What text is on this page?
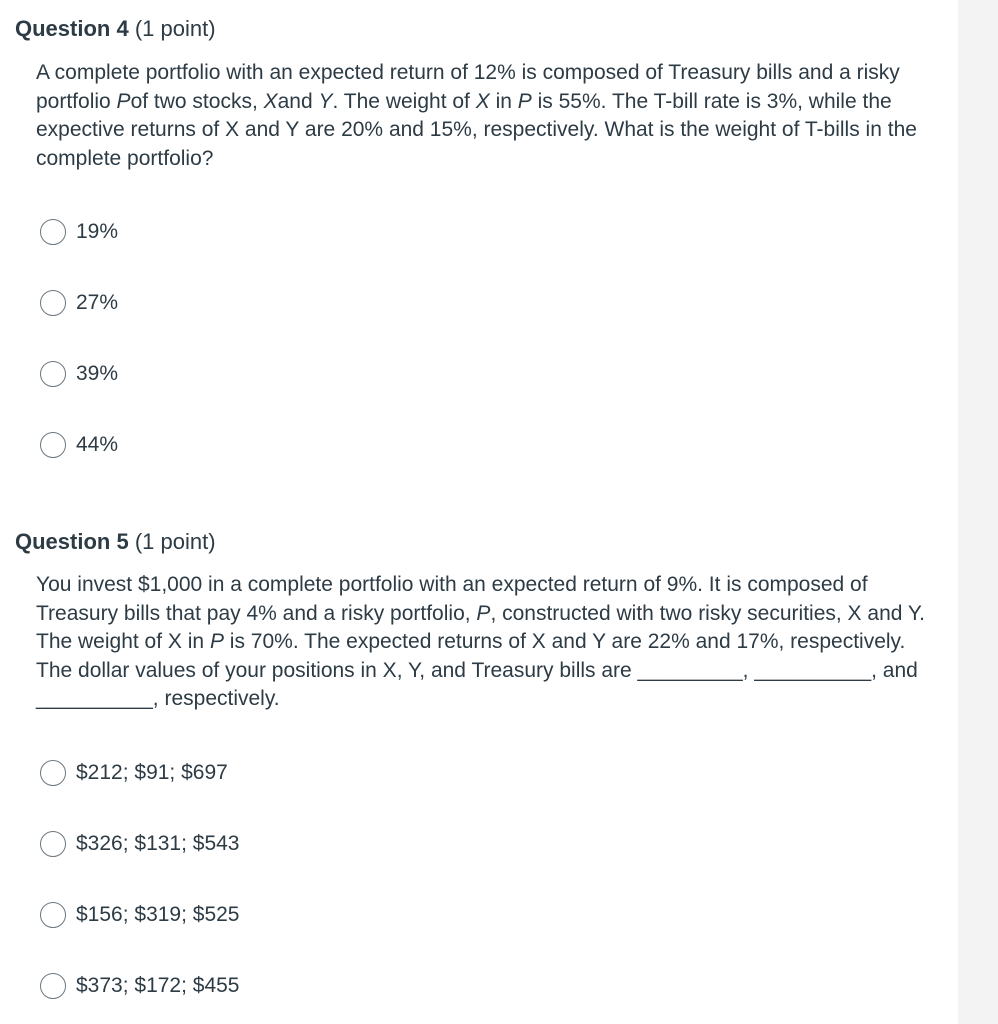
Question 4 (1 point)
A complete portfolio with an expected return of 12% is composed of Treasury bills and a risky portfolio Pof two stocks, Xand Y. The weight of X in P is 55%. The T-bill rate is 3%, while the expective returns of X and Y are 20% and 15%, respectively. What is the weight of T-bills in the complete portfolio?
19%
27%
39%
44%
Question 5 (1 point)
You invest $1,000 in a complete portfolio with an expected return of 9%. It is composed of Treasury bills that pay 4% and a risky portfolio, P, constructed with two risky securities, X and Y. The weight of X in P is 70%. The expected returns of X and Y are 22% and 17%, respectively. The dollar values of your positions in X, Y, and Treasury bills are _________, __________, and __________, respectively.
$212; $91; $697
$326; $131; $543
$156; $319; $525
$373; $172; $455
